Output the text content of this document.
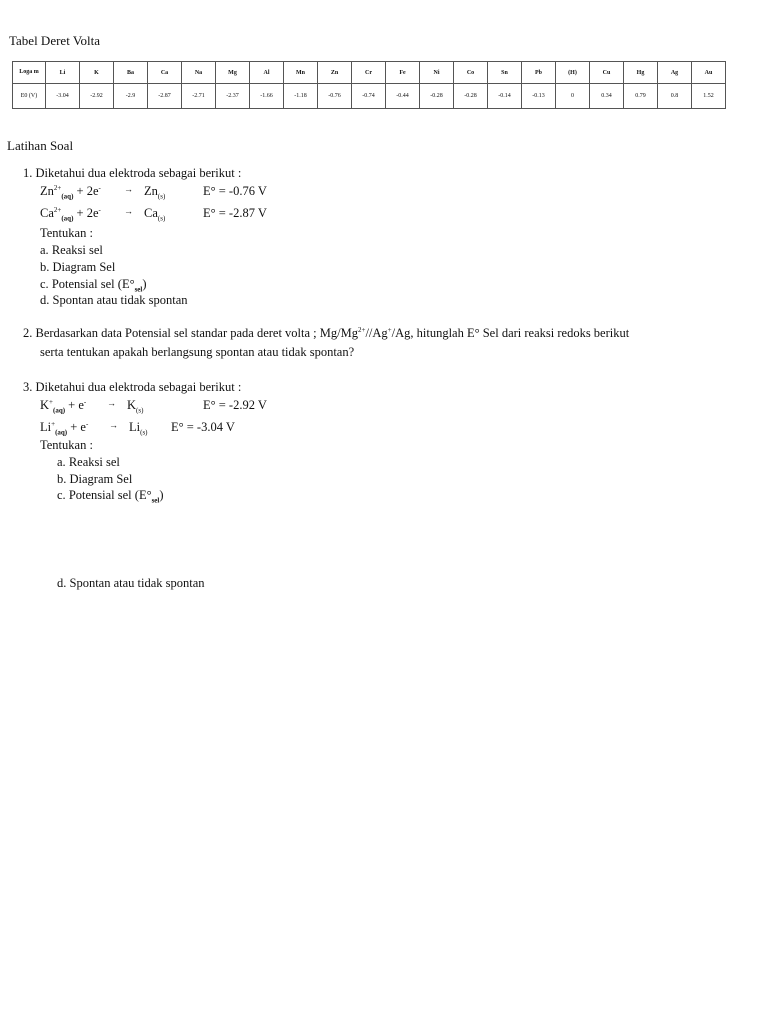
Tabel Deret Volta
Loga m	Li	K	Ba	Ca	Na	Mg	Al	Mn	Zn	Cr	Fe	Ni	Co	Sn	Pb	(H)	Cu	Hg	Ag	Au
E0 (V)	-3.04	-2.92	-2.9	-2.87	-2.71	-2.37	-1.66	-1.18	-0.76	-0.74	-0.44	-0.28	-0.28	-0.14	-0.13	0	0.34	0.79	0.8	1.52
Latihan Soal
1. Diketahui dua elektroda sebagai berikut :
$Zn^{2+}_{(aq)} + 2e^-$	→ $Zn_{(s)}$	E° = -0.76 V
$Ca^{2+}_{(aq)} + 2e^-$	→ $Ca_{(s)}$	E° = -2.87 V
Tentukan :
a. Reaksi sel
b. Diagram Sel
c. Potensial sel $(E^\circ_{sel})$
d. Spontan atau tidak spontan
2. Berdasarkan data Potensial sel standar pada deret volta ; $Mg/Mg^{2+}//Ag^+/Ag$, hitunglah E° Sel dari reaksi redoks berikut
serta tentukan apakah berlangsung spontan atau tidak spontan?
3. Diketahui dua elektroda sebagai berikut :
$K^+_{(aq)} + e^-$ → $K_{(s)}$	E° = -2.92 V
$Li^+_{(aq)} + e^-$ → $Li_{(s)}$ E° = -3.04 V
Tentukan :
a. Reaksi sel
b. Diagram Sel
c. Potensial sel $(E^\circ_{sel})$
d. Spontan atau tidak spontan
